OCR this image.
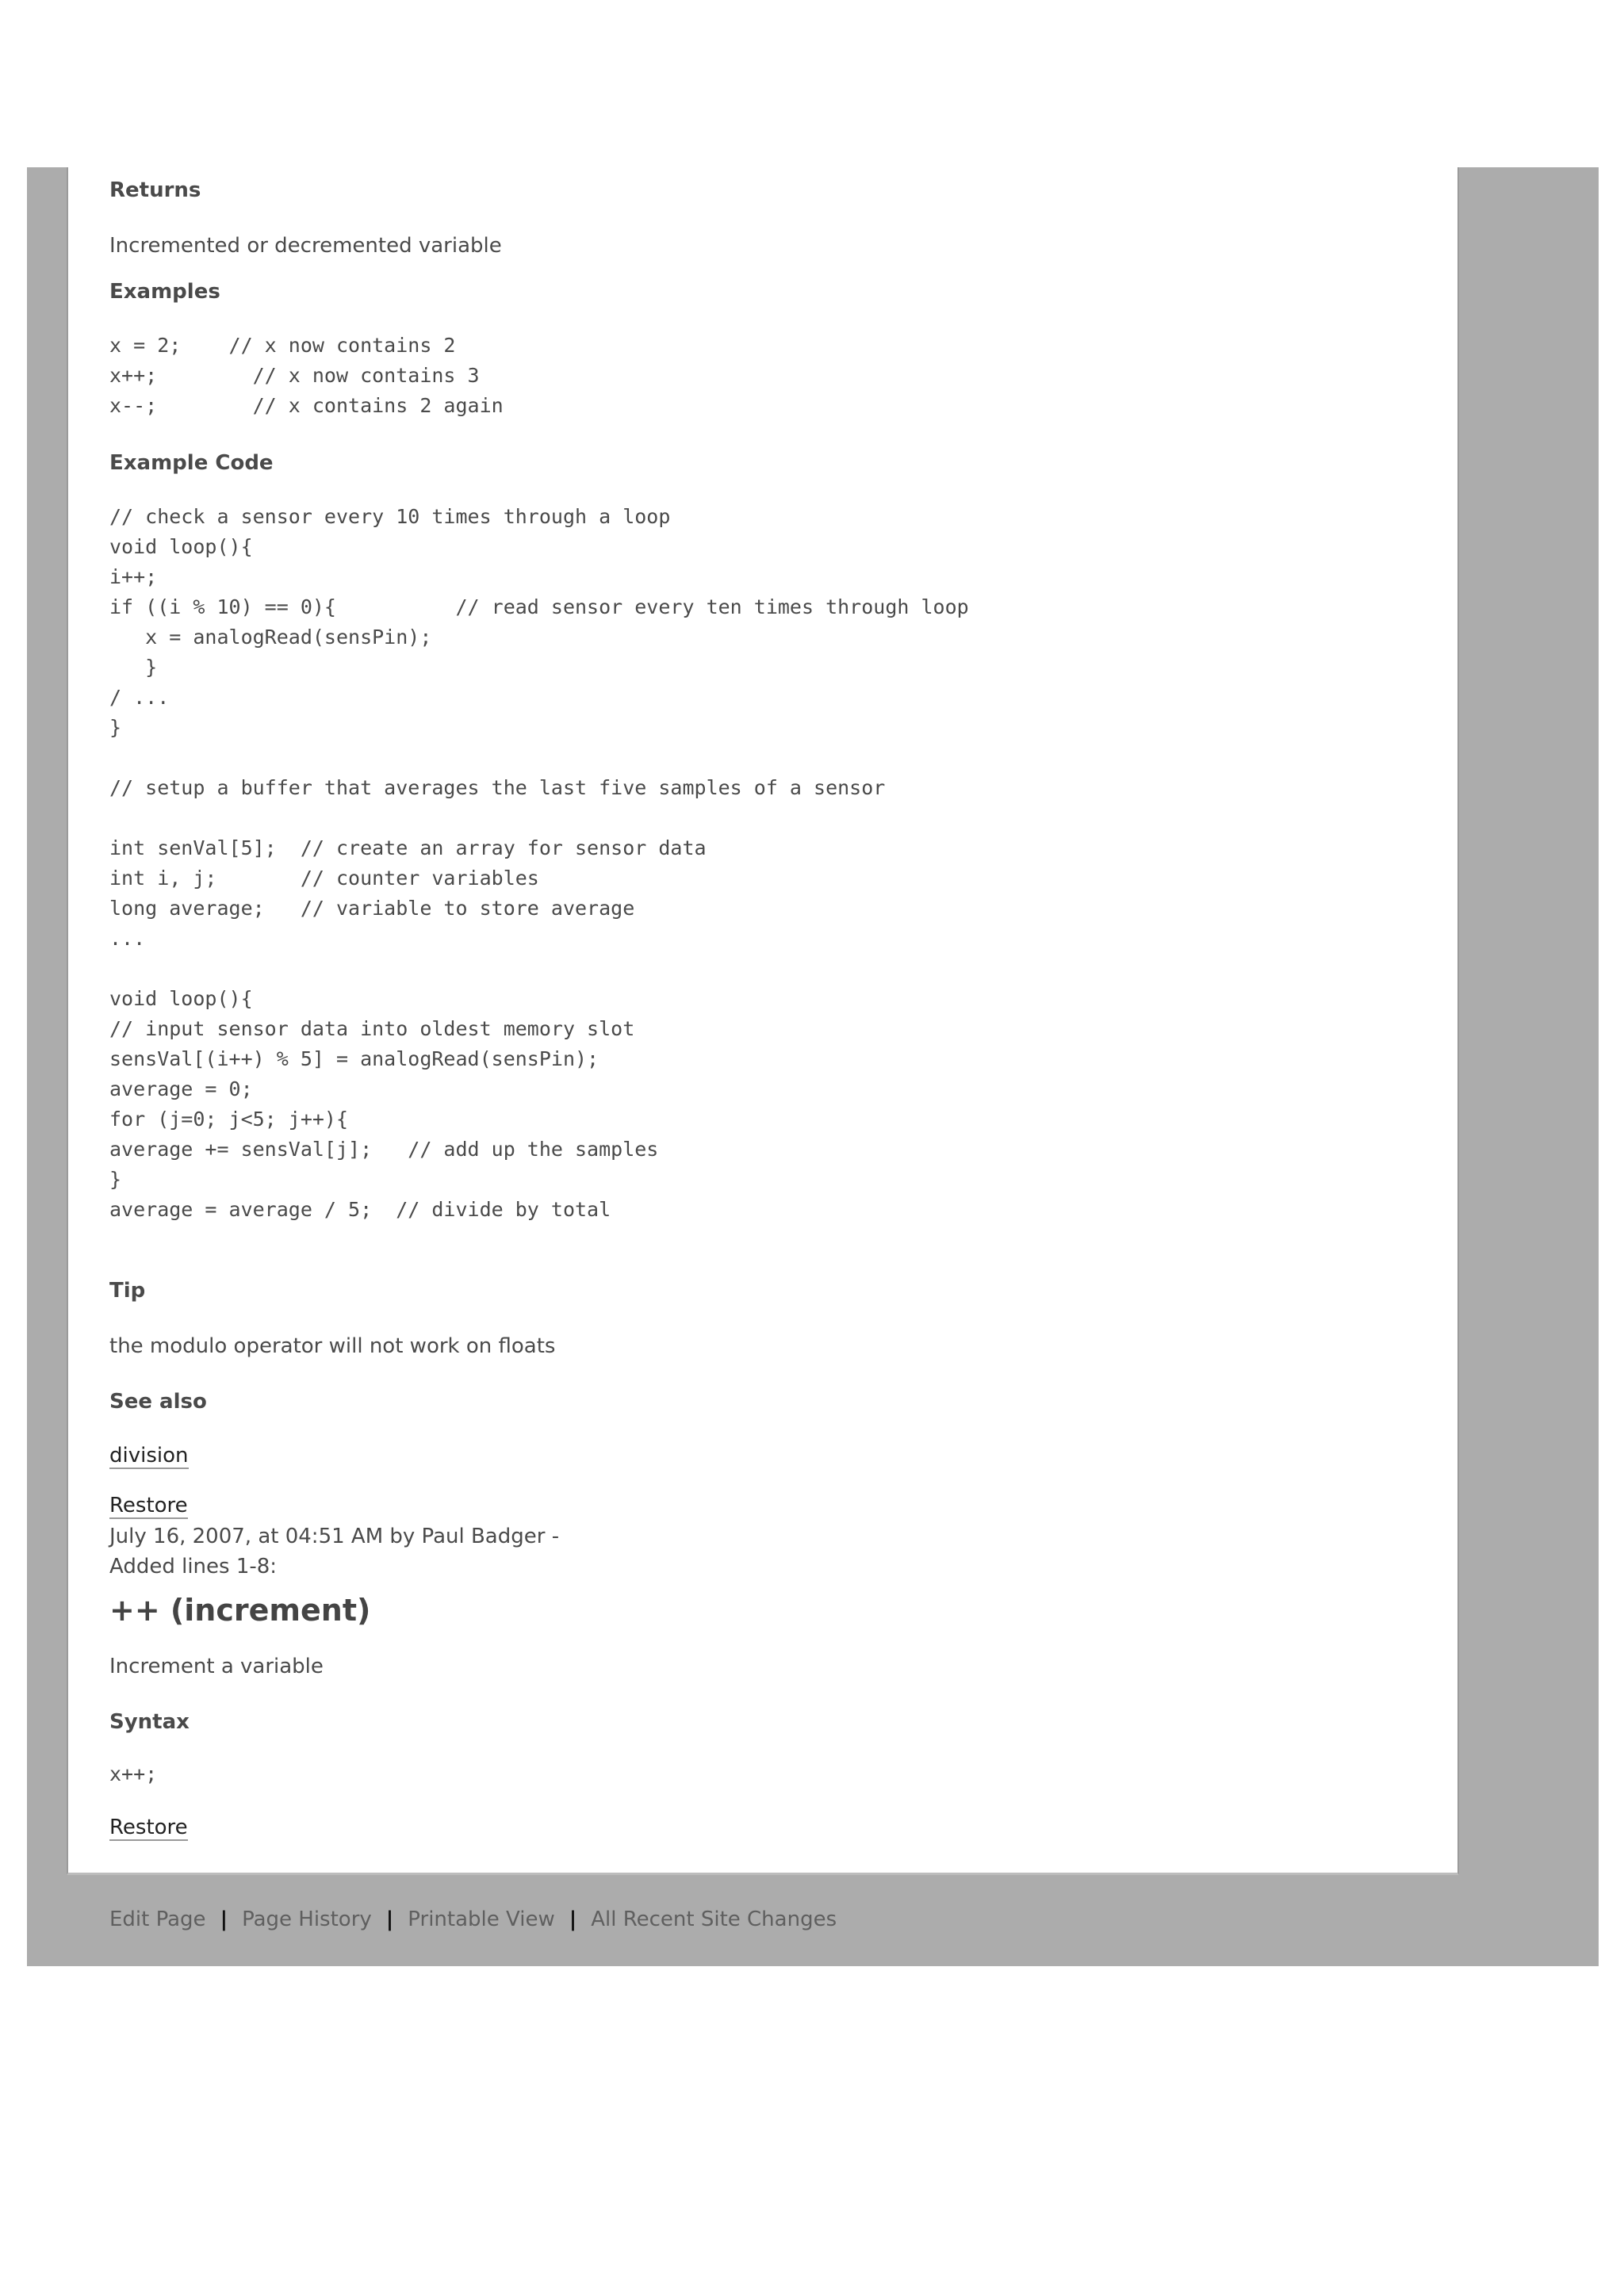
Returns
Incremented or decremented variable
Examples
x = 2;    // x now contains 2
x++;        // x now contains 3
x--;        // x contains 2 again
Example Code
// check a sensor every 10 times through a loop
void loop(){
i++;
if ((i % 10) == 0){          // read sensor every ten times through loop
x = analogRead(sensPin);
}
/ ...
}

// setup a buffer that averages the last five samples of a sensor

int senVal[5];  // create an array for sensor data
int i, j;       // counter variables
long average;   // variable to store average
...

void loop(){
// input sensor data into oldest memory slot
sensVal[(i++) % 5] = analogRead(sensPin);
average = 0;
for (j=0; j<5; j++){
average += sensVal[j];   // add up the samples
}
average = average / 5;  // divide by total
Tip
the modulo operator will not work on floats
See also
division
Restore
July 16, 2007, at 04:51 AM by Paul Badger -
Added lines 1-8:
++ (increment)
Increment a variable
Syntax
x++;
Restore
Edit Page | Page History | Printable View | All Recent Site Changes
